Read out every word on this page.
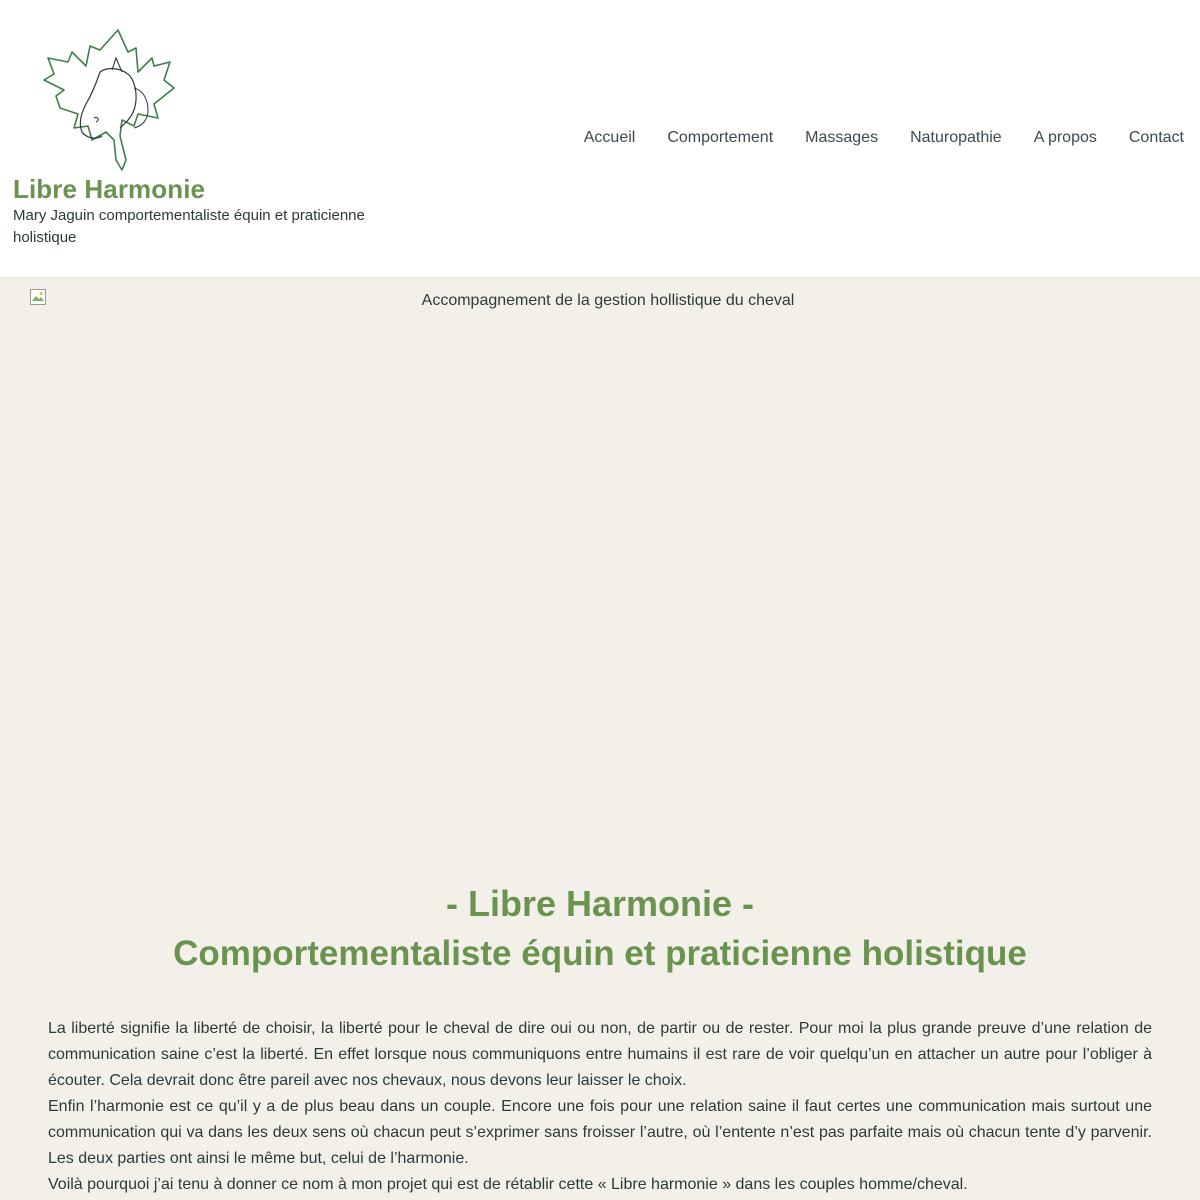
Libre Harmonie
Mary Jaguin comportementaliste équin et praticienne holistique
Accueil Comportement Massages Naturopathie A propos Contact
Accompagnement de la gestion hollistique du cheval
- Libre Harmonie -
Comportementaliste équin et praticienne holistique

La liberté signifie la liberté de choisir, la liberté pour le cheval de dire oui ou non, de partir ou de rester. Pour moi la plus grande preuve d’une relation de communication saine c’est la liberté. En effet lorsque nous communiquons entre humains il est rare de voir quelqu’un en attacher un autre pour l’obliger à écouter. Cela devrait donc être pareil avec nos chevaux, nous devons leur laisser le choix.

Enfin l’harmonie est ce qu’il y a de plus beau dans un couple. Encore une fois pour une relation saine il faut certes une communication mais surtout une communication qui va dans les deux sens où chacun peut s’exprimer sans froisser l’autre, où l’entente n’est pas parfaite mais où chacun tente d’y parvenir. Les deux parties ont ainsi le même but, celui de l’harmonie.

Voilà pourquoi j’ai tenu à donner ce nom à mon projet qui est de rétablir cette « Libre harmonie » dans les couples homme/cheval.
